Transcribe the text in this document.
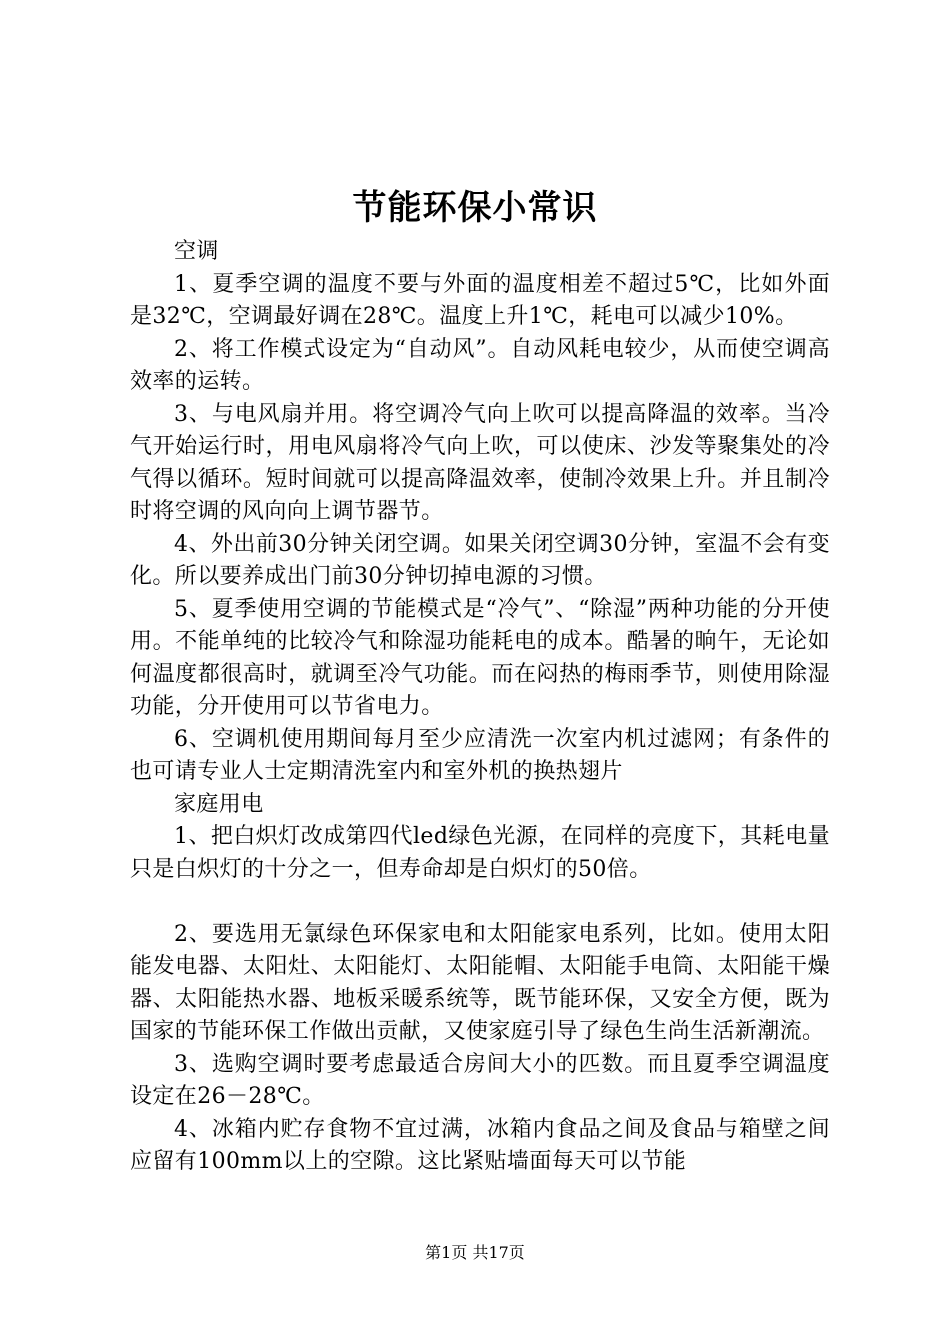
节能环保小常识

空调

1、夏季空调的温度不要与外面的温度相差不超过5℃，比如外面是32℃，空调最好调在28℃。温度上升1℃，耗电可以减少10%。

2、将工作模式设定为“自动风”。自动风耗电较少，从而使空调高效率的运转。

3、与电风扇并用。将空调冷气向上吹可以提高降温的效率。当冷气开始运行时，用电风扇将冷气向上吹，可以使床、沙发等聚集处的冷气得以循环。短时间就可以提高降温效率，使制冷效果上升。并且制冷时将空调的风向向上调节器节。

4、外出前30分钟关闭空调。如果关闭空调30分钟，室温不会有变化。所以要养成出门前30分钟切掉电源的习惯。

5、夏季使用空调的节能模式是“冷气”、“除湿”两种功能的分开使用。不能单纯的比较冷气和除湿功能耗电的成本。酷暑的晌午，无论如何温度都很高时，就调至冷气功能。而在闷热的梅雨季节，则使用除湿功能，分开使用可以节省电力。

6、空调机使用期间每月至少应清洗一次室内机过滤网；有条件的也可请专业人士定期清洗室内和室外机的换热翅片

家庭用电

1、把白炽灯改成第四代led绿色光源，在同样的亮度下，其耗电量只是白炽灯的十分之一，但寿命却是白炽灯的50倍。

2、要选用无氯绿色环保家电和太阳能家电系列，比如。使用太阳能发电器、太阳灶、太阳能灯、太阳能帽、太阳能手电筒、太阳能干燥器、太阳能热水器、地板采暖系统等，既节能环保，又安全方便，既为国家的节能环保工作做出贡献，又使家庭引导了绿色生尚生活新潮流。

3、选购空调时要考虑最适合房间大小的匹数。而且夏季空调温度设定在26－28℃。

4、冰箱内贮存食物不宜过满，冰箱内食品之间及食品与箱壁之间应留有100mm以上的空隙。这比紧贴墙面每天可以节能

第1页 共17页
